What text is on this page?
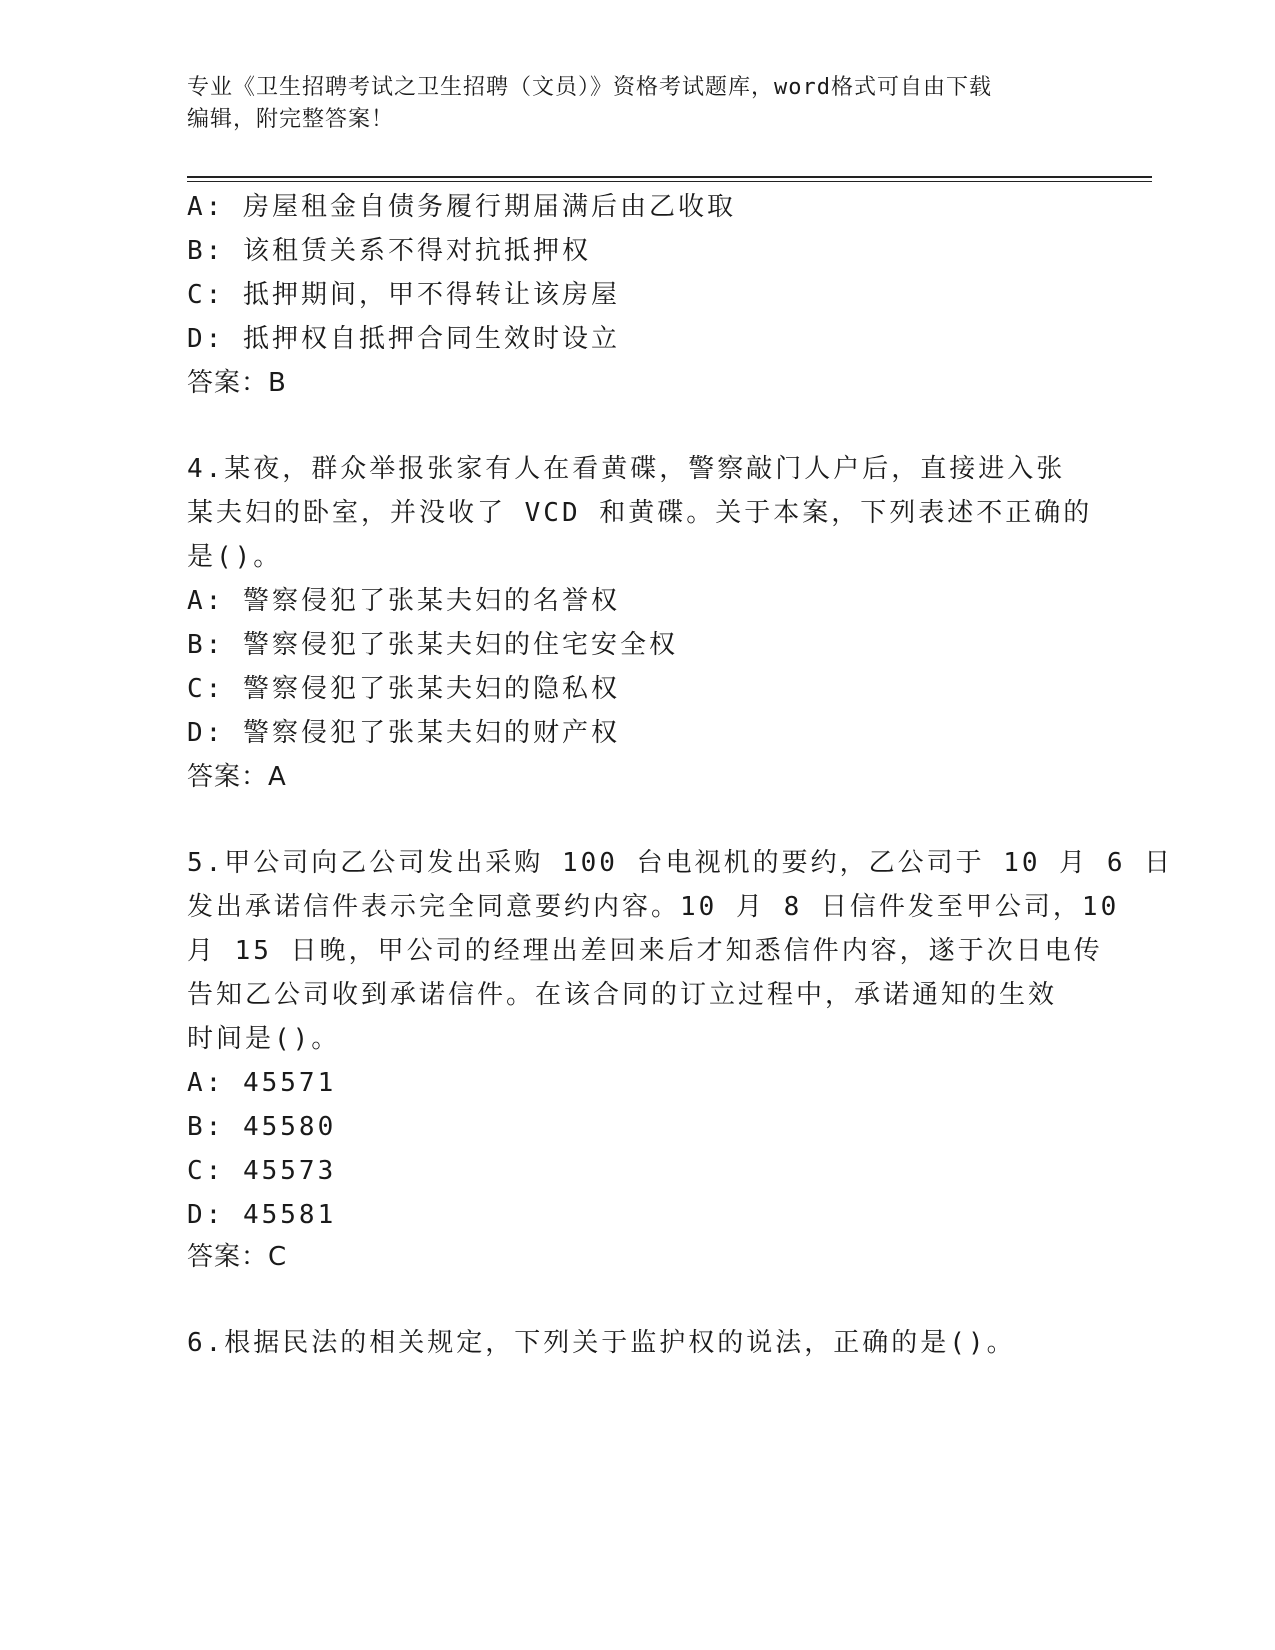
专业《卫生招聘考试之卫生招聘（文员）》资格考试题库，word格式可自由下载
编辑，附完整答案！
A: 房屋租金自债务履行期届满后由乙收取
B: 该租赁关系不得对抗抵押权
C: 抵押期间，甲不得转让该房屋
D: 抵押权自抵押合同生效时设立
答案：B
4.某夜，群众举报张家有人在看黄碟，警察敲门人户后，直接进入张
某夫妇的卧室，并没收了 VCD 和黄碟。关于本案，下列表述不正确的
是()。
A: 警察侵犯了张某夫妇的名誉权
B: 警察侵犯了张某夫妇的住宅安全权
C: 警察侵犯了张某夫妇的隐私权
D: 警察侵犯了张某夫妇的财产权
答案：A
5.甲公司向乙公司发出采购 100 台电视机的要约，乙公司于 10 月 6 日
发出承诺信件表示完全同意要约内容。10 月 8 日信件发至甲公司，10
月 15 日晚，甲公司的经理出差回来后才知悉信件内容，遂于次日电传
告知乙公司收到承诺信件。在该合同的订立过程中，承诺通知的生效
时间是()。
A: 45571
B: 45580
C: 45573
D: 45581
答案：C
6.根据民法的相关规定，下列关于监护权的说法，正确的是()。
